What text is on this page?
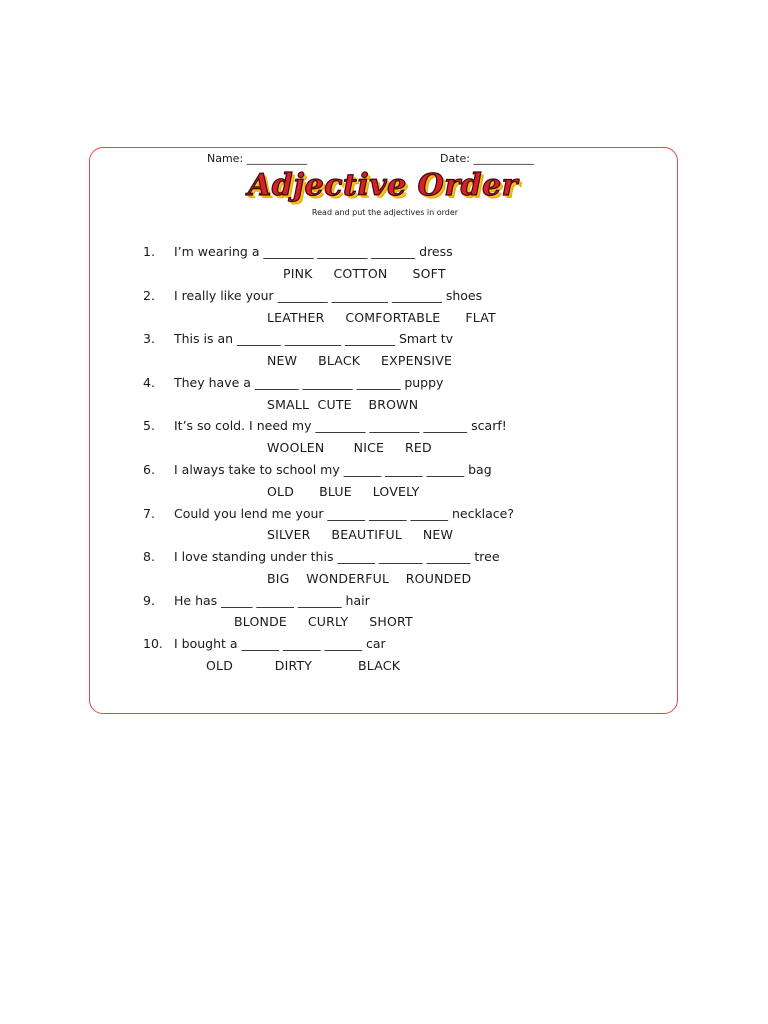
Name: ___________	Date: ___________
Adjective Order
Read and put the adjectives in order
1. I’m wearing a ________ ________ _______ dress
PINK     COTTON      SOFT
2. I really like your ________ _________ ________ shoes
LEATHER     COMFORTABLE      FLAT
3. This is an _______ _________ ________ Smart tv
NEW     BLACK     EXPENSIVE
4. They have a _______ ________ _______ puppy
SMALL  CUTE    BROWN
5. It’s so cold. I need my ________ ________ _______ scarf!
WOOLEN       NICE     RED
6. I always take to school my ______ ______ ______ bag
OLD      BLUE     LOVELY
7. Could you lend me your ______ ______ ______ necklace?
SILVER     BEAUTIFUL     NEW
8. I love standing under this ______ _______ _______ tree
BIG    WONDERFUL    ROUNDED
9. He has _____ ______ _______ hair
BLONDE     CURLY     SHORT
10. I bought a ______ ______ ______ car
OLD          DIRTY           BLACK
